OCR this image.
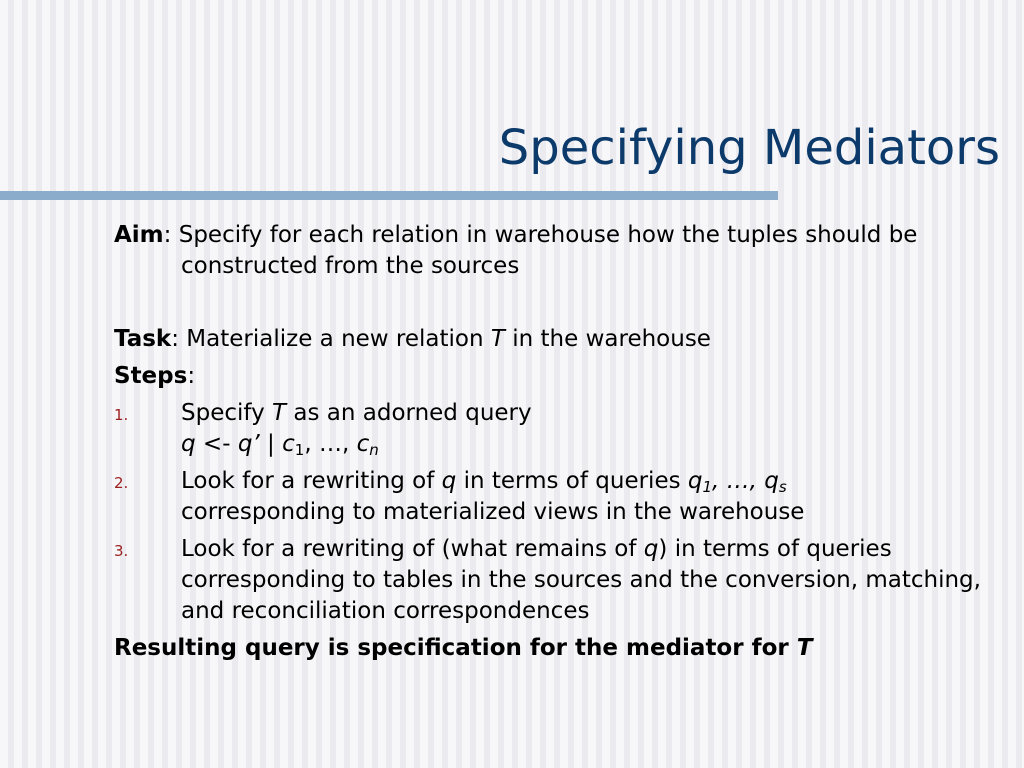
Specifying Mediators

Aim: Specify for each relation in warehouse how the tuples should be constructed from the sources

Task: Materialize a new relation T in the warehouse

Steps:

1.	Specify T as an adorned query
q <- q’ | $c_1$, …, $c_n$
2.	Look for a rewriting of q in terms of queries $q_1$, …, $q_s$
corresponding to materialized views in the warehouse
3.	Look for a rewriting of (what remains of q) in terms of queries corresponding to tables in the sources and the conversion, matching, and reconciliation correspondences

Resulting query is specification for the mediator for T
